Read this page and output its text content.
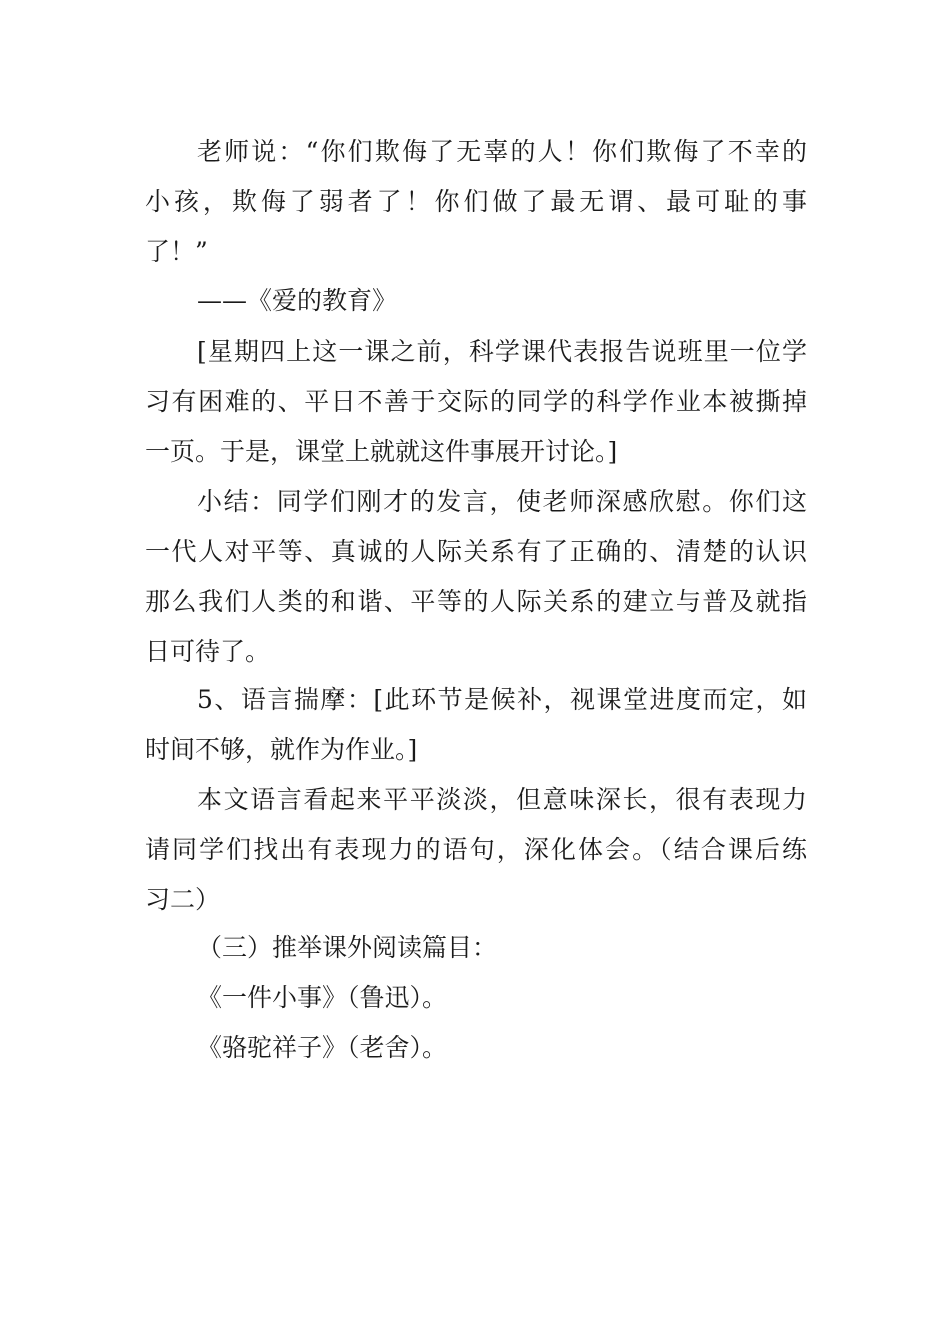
老师说：“你们欺侮了无辜的人！你们欺侮了不幸的
小孩，欺侮了弱者了！你们做了最无谓、最可耻的事
了！”
——《爱的教育》
[星期四上这一课之前，科学课代表报告说班里一位学
习有困难的、平日不善于交际的同学的科学作业本被撕掉
一页。于是，课堂上就就这件事展开讨论。]
小结：同学们刚才的发言，使老师深感欣慰。你们这
一代人对平等、真诚的人际关系有了正确的、清楚的认识
那么我们人类的和谐、平等的人际关系的建立与普及就指
日可待了。
5、语言揣摩：[此环节是候补，视课堂进度而定，如
时间不够，就作为作业。]
本文语言看起来平平淡淡，但意味深长，很有表现力
请同学们找出有表现力的语句，深化体会。（结合课后练
习二）
（三）推举课外阅读篇目：
《一件小事》（鲁迅）。
《骆驼祥子》（老舍）。
